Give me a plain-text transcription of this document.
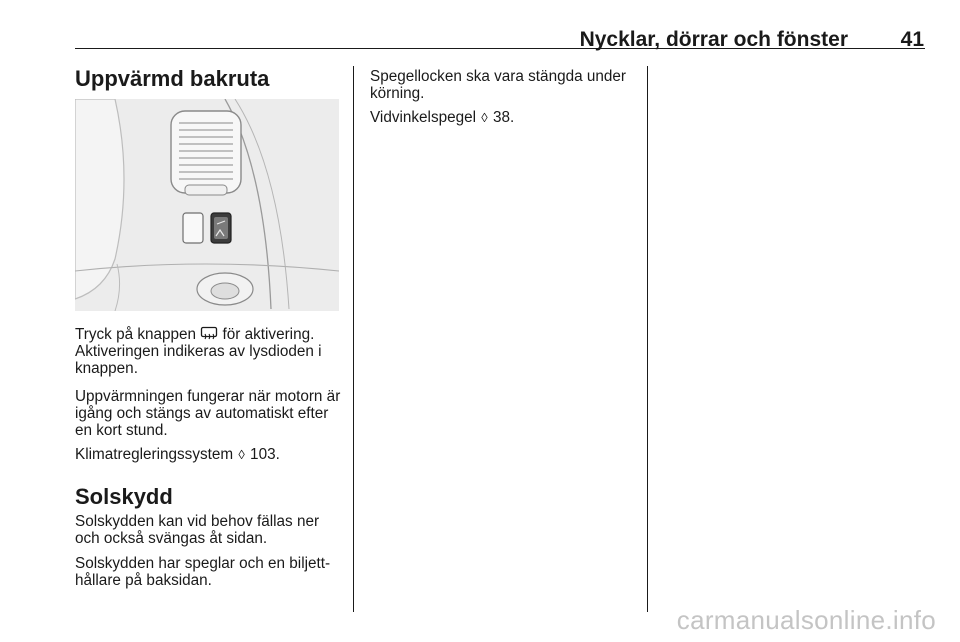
Nycklar, dörrar och fönster	41
Uppvärmd bakruta

Tryck på knappen  för aktivering. Aktiveringen indikeras av lysdioden i knappen.

Uppvärmningen fungerar när motorn är igång och stängs av automatiskt efter en kort stund.

Klimatregleringssystem ◊ 103.

Solskydd

Solskydden kan vid behov fällas ner och också svängas åt sidan.

Solskydden har speglar och en biljett-hållare på baksidan.

Spegellocken ska vara stängda under körning.

Vidvinkelspegel ◊ 38.

carmanualsonline.info
